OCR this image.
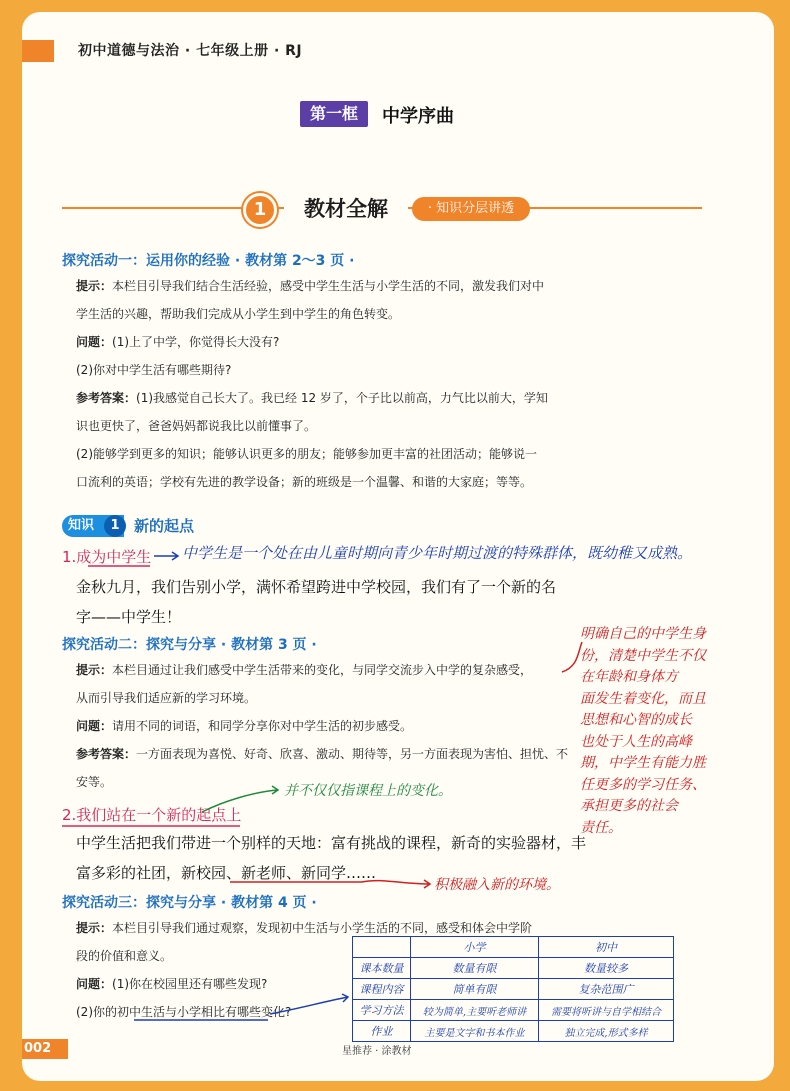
初中道德与法治 · 七年级上册 · RJ
第一框	中学序曲
1	教材全解	· 知识分层讲透
探究活动一：运用你的经验 · 教材第 2～3 页 ·
提示：本栏目引导我们结合生活经验，感受中学生生活与小学生活的不同，激发我们对中
学生活的兴趣，帮助我们完成从小学生到中学生的角色转变。
问题：(1)上了中学，你觉得长大没有?
(2)你对中学生活有哪些期待?
参考答案：(1)我感觉自己长大了。我已经 12 岁了，个子比以前高，力气比以前大，学知
识也更快了，爸爸妈妈都说我比以前懂事了。
(2)能够学到更多的知识；能够认识更多的朋友；能够参加更丰富的社团活动；能够说一
口流利的英语；学校有先进的教学设备；新的班级是一个温馨、和谐的大家庭；等等。
知识	1 新的起点
1.成为中学生 中学生是一个处在由儿童时期向青少年时期过渡的特殊群体，既幼稚又成熟。
金秋九月，我们告别小学，满怀希望跨进中学校园，我们有了一个新的名
字——中学生！
探究活动二：探究与分享 · 教材第 3 页 ·
提示：本栏目通过让我们感受中学生活带来的变化，与同学交流步入中学的复杂感受，
从而引导我们适应新的学习环境。
问题：请用不同的词语，和同学分享你对中学生活的初步感受。
参考答案：一方面表现为喜悦、好奇、欣喜、激动、期待等，另一方面表现为害怕、担忧、不
安等。
明确自己的中学生身
份，清楚中学生不仅
在年龄和身体方
面发生着变化，而且
思想和心智的成长
也处于人生的高峰
期，中学生有能力胜
任更多的学习任务、
承担更多的社会
责任。
并不仅仅指课程上的变化。
2.我们站在一个新的起点上
中学生活把我们带进一个别样的天地：富有挑战的课程，新奇的实验器材，丰
富多彩的社团，新校园、新老师、新同学……
积极融入新的环境。
探究活动三：探究与分享 · 教材第 4 页 ·
提示：本栏目引导我们通过观察，发现初中生活与小学生活的不同，感受和体会中学阶
段的价值和意义。
问题：(1)你在校园里还有哪些发现?
(2)你的初中生活与小学相比有哪些变化?
	小学	初中
课本数量	数量有限	数量较多
课程内容	简单有限	复杂范围广
学习方法	较为简单,主要听老师讲	需要将听讲与自学相结合
作业	主要是文字和书本作业	独立完成,形式多样
002	星推荐 · 涂教材
